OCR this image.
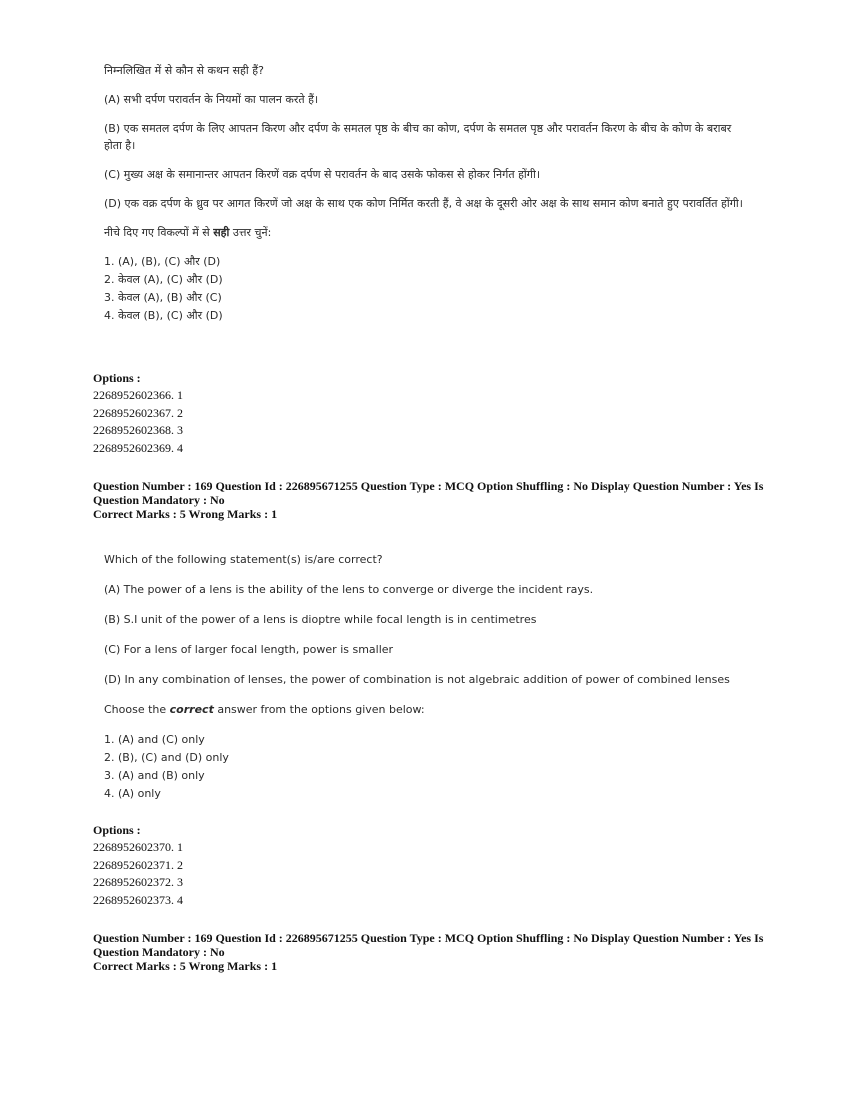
निम्नलिखित में से कौन से कथन सही हैं?

(A) सभी दर्पण परावर्तन के नियमों का पालन करते हैं।

(B) एक समतल दर्पण के लिए आपतन किरण और दर्पण के समतल पृष्ठ के बीच का कोण, दर्पण के समतल पृष्ठ और परावर्तन किरण के बीच के कोण के बराबर होता है।

(C) मुख्य अक्ष के समानान्तर आपतन किरणें वक्र दर्पण से परावर्तन के बाद उसके फोकस से होकर निर्गत होंगी।

(D) एक वक्र दर्पण के ध्रुव पर आगत किरणें जो अक्ष के साथ एक कोण निर्मित करती हैं, वे अक्ष के दूसरी ओर अक्ष के साथ समान कोण बनाते हुए परावर्तित होंगी।

नीचे दिए गए विकल्पों में से सही उत्तर चुनें:

1. (A), (B), (C) और (D)
2. केवल (A), (C) और (D)
3. केवल (A), (B) और (C)
4. केवल (B), (C) और (D)
Options :
2268952602366. 1
2268952602367. 2
2268952602368. 3
2268952602369. 4
Question Number : 169 Question Id : 226895671255 Question Type : MCQ Option Shuffling : No Display Question Number : Yes Is Question Mandatory : No
Correct Marks : 5 Wrong Marks : 1

Which of the following statement(s) is/are correct?

(A) The power of a lens is the ability of the lens to converge or diverge the incident rays.

(B) S.I unit of the power of a lens is dioptre while focal length is in centimetres

(C) For a lens of larger focal length, power is smaller

(D) In any combination of lenses, the power of combination is not algebraic addition of power of combined lenses

Choose the correct answer from the options given below:

1. (A) and (C) only
2. (B), (C) and (D) only
3. (A) and (B) only
4. (A) only
Options :
2268952602370. 1
2268952602371. 2
2268952602372. 3
2268952602373. 4
Question Number : 169 Question Id : 226895671255 Question Type : MCQ Option Shuffling : No Display Question Number : Yes Is Question Mandatory : No
Correct Marks : 5 Wrong Marks : 1
